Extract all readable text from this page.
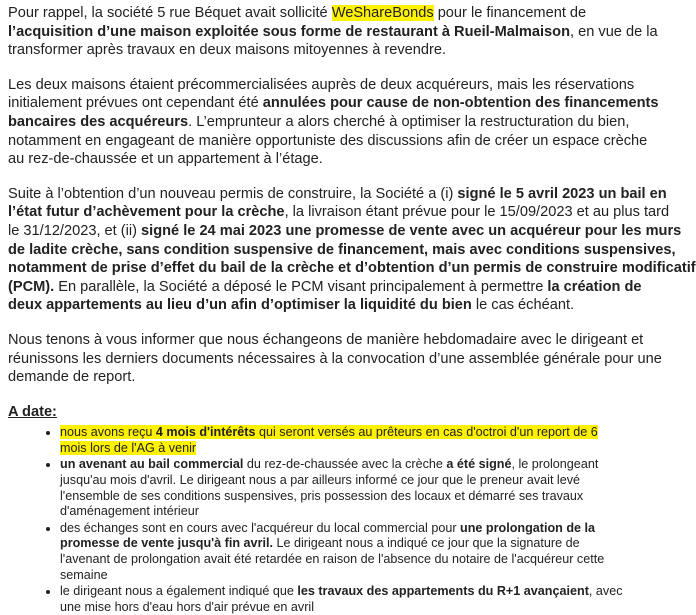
Pour rappel, la société 5 rue Béquet avait sollicité WeShareBonds pour le financement de
l’acquisition d’une maison exploitée sous forme de restaurant à Rueil-Malmaison, en vue de la
transformer après travaux en deux maisons mitoyennes à revendre.

Les deux maisons étaient précommercialisées auprès de deux acquéreurs, mais les réservations
initialement prévues ont cependant été annulées pour cause de non-obtention des financements
bancaires des acquéreurs. L’emprunteur a alors cherché à optimiser la restructuration du bien,
notamment en engageant de manière opportuniste des discussions afin de créer un espace crèche
au rez-de-chaussée et un appartement à l’étage.

Suite à l’obtention d’un nouveau permis de construire, la Société a (i) signé le 5 avril 2023 un bail en
l’état futur d’achèvement pour la crèche, la livraison étant prévue pour le 15/09/2023 et au plus tard
le 31/12/2023, et (ii) signé le 24 mai 2023 une promesse de vente avec un acquéreur pour les murs
de ladite crèche, sans condition suspensive de financement, mais avec conditions suspensives,
notamment de prise d’effet du bail de la crèche et d’obtention d’un permis de construire modificatif
(PCM). En parallèle, la Société a déposé le PCM visant principalement à permettre la création de
deux appartements au lieu d’un afin d’optimiser la liquidité du bien le cas échéant.

Nous tenons à vous informer que nous échangeons de manière hebdomadaire avec le dirigeant et
réunissons les derniers documents nécessaires à la convocation d’une assemblée générale pour une
demande de report.

A date:
• nous avons reçu 4 mois d'intérêts qui seront versés au prêteurs en cas d'octroi d'un report de 6
mois lors de l'AG à venir
• un avenant au bail commercial du rez-de-chaussée avec la crèche a été signé, le prolongeant
jusqu'au mois d'avril. Le dirigeant nous a par ailleurs informé ce jour que le preneur avait levé
l'ensemble de ses conditions suspensives, pris possession des locaux et démarré ses travaux
d'aménagement intérieur
• des échanges sont en cours avec l'acquéreur du local commercial pour une prolongation de la
promesse de vente jusqu'à fin avril. Le dirigeant nous a indiqué ce jour que la signature de
l'avenant de prolongation avait été retardée en raison de l'absence du notaire de l'acquéreur cette
semaine
• le dirigeant nous a également indiqué que les travaux des appartements du R+1 avançaient, avec
une mise hors d'eau hors d'air prévue en avril
